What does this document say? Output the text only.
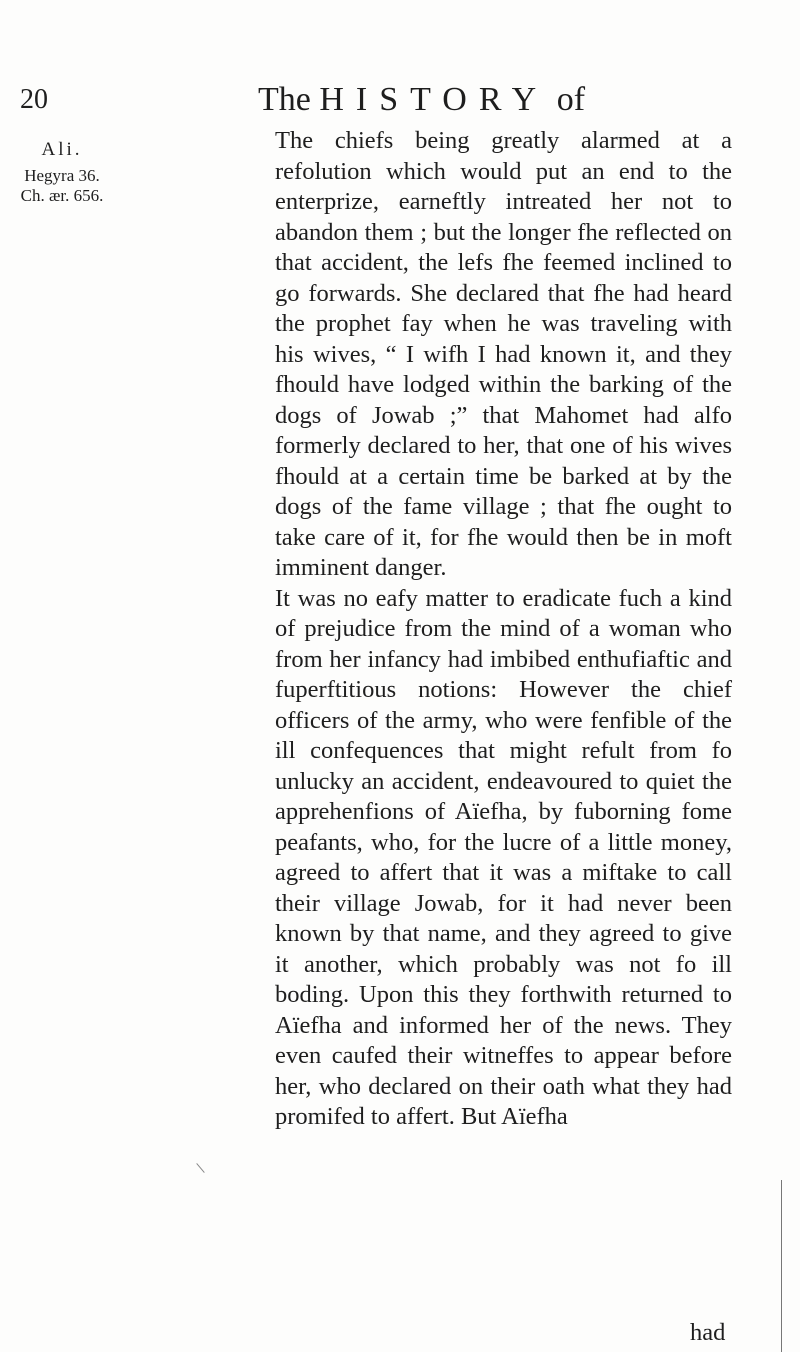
20	The HISTORY of
Ali.
Hegyra 36.
Ch. ær. 656.

The chiefs being greatly alarmed at a refolution which would put an end to the enterprize, earneftly intreated her not to abandon them ; but the longer fhe reflected on that accident, the lefs fhe feemed inclined to go forwards. She declared that fhe had heard the prophet fay when he was traveling with his wives, “ I wifh I had known it, and they fhould have lodged within the barking of the dogs of Jowab ;” that Mahomet had alfo formerly declared to her, that one of his wives fhould at a certain time be barked at by the dogs of the fame village ; that fhe ought to take care of it, for fhe would then be in moft imminent danger.

It was no eafy matter to eradicate fuch a kind of prejudice from the mind of a woman who from her infancy had imbibed enthufiaftic and fuperftitious notions: However the chief officers of the army, who were fenfible of the ill confequences that might refult from fo unlucky an accident, endeavoured to quiet the apprehenfions of Aïefha, by fuborning fome peafants, who, for the lucre of a little money, agreed to affert that it was a miftake to call their village Jowab, for it had never been known by that name, and they agreed to give it another, which probably was not fo ill boding. Upon this they forthwith returned to Aïefha and informed her of the news. They even caufed their witneffes to appear before her, who declared on their oath what they had promifed to affert. But Aïefha

had
